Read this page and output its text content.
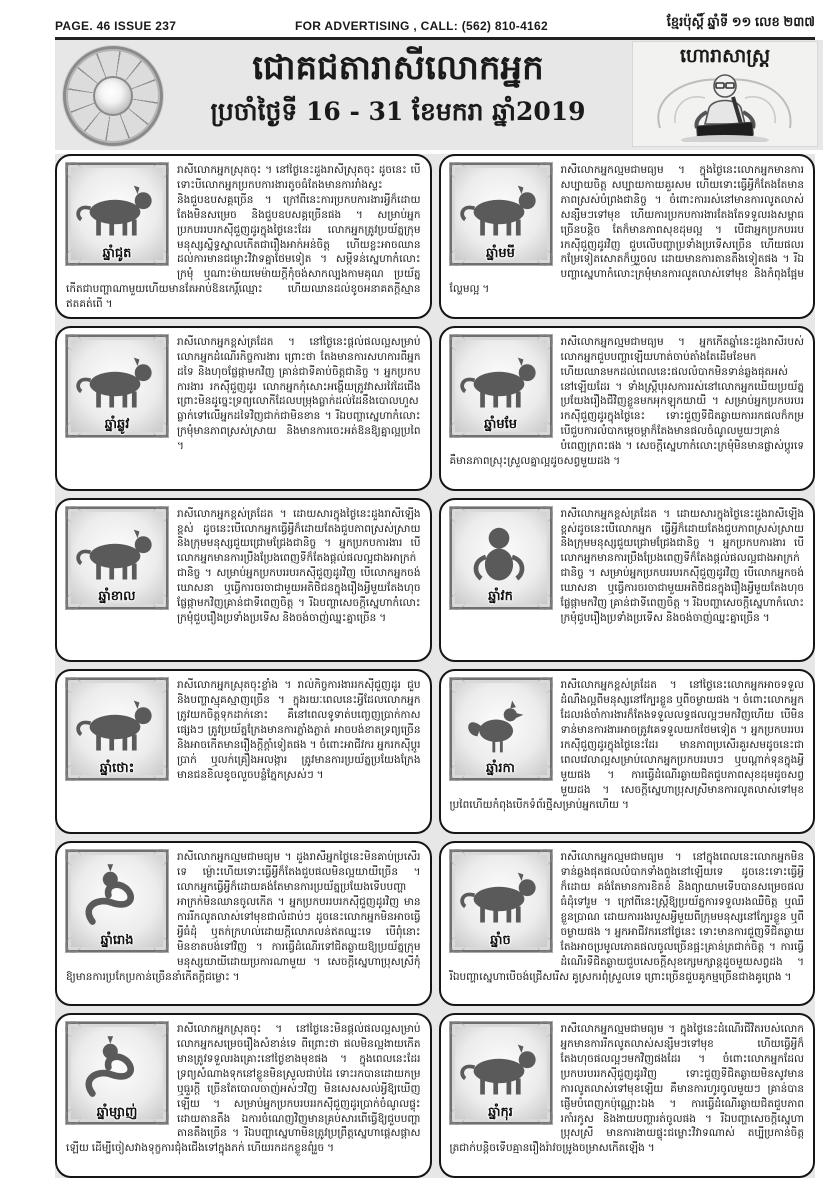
PAGE. 46 ISSUE 237	FOR ADVERTISING , CALL: (562) 810-4162	ខ្មែរប៉ុស្តិ៍ ឆ្នាំទី ១១ លេខ ២៣៧
ជោគជតារាសីលោកអ្នក
ប្រចាំថ្ងៃទី 16 - 31 ខែមករា ឆ្នាំ2019
ហោរាសាស្ត្រ
ឆ្នាំជូត
រាសីលោកអ្នកស្រុតចុះ ។ នៅថ្ងៃនេះដួងរាសីស្រុតចុះ ដូចនេះ បើទោះបីលោកអ្នកប្រកបការងារតូចធំតែងមានការរាំងស្ទះ និងជួបឧបសគ្គច្រើន ។ ក្រៅពីនេះការប្រកបការងារអ្វីក៏ដោយ តែងមិនសម្រេច និងជួបឧបសគ្គច្រើនផង ។ សម្រាប់អ្នកប្រកបររបរកស៊ីជួញដូរក្នុងថ្ងៃនេះដែរ លោកអ្នកត្រូវប្រយ័ត្នក្រុមមនុស្សស្និទ្ធស្នាលកើតជារឿងអាក់អន់ចិត្ត ហើយខ្លះអាចឈានដល់ការមានជម្លោះវិវាទគ្នាថែមទៀត ។ សម្តីទន់ស្នេហាកំលោះក្រមុំ ឬណាះម៉ាយមេម៉ាយក្តីកុំចង់សាកល្បងកាមគុណ ប្រយ័ត្នកើតជាបញ្ហាណាមួយហើយមានតែអាប់ឱនកេរ្តិ៍ឈ្មោះ ហើយឈានដល់ខូចអនាគតក្តីស្មានឥតគត់ពើ ។
ឆ្នាំឆ្លូវ
រាសីលោកអ្នកខ្ពស់ត្រដែត ។ នៅថ្ងៃនេះផ្តល់ផលល្អសម្រាប់លោកអ្នកដំណើរកិច្ចការងារ ព្រោះថា តែងមានការសហការពីអ្នកដទៃ និងហុចផ្លែផ្កាមកវិញ គ្រាន់ជាទីគាប់ចិត្តជានិច្ច ។ អ្នកប្រកបការងារ រកស៊ីជួញដូរ លោកអ្នកកុំសោះអង្ហើយត្រូវវាសរវៃដៃជើង ព្រោះមិនដូច្នេះទ្រព្យលោកីដែលបម្រុងធ្លាក់ដល់ដៃនឹងបោលហួសធ្លាក់ទៅលើអ្នកដទៃវិញជាក់ជាមិនខាន ។ រីឯបញ្ហាស្នេហាកំលោះក្រមុំមានភាពស្រស់ស្រាយ និងមានការចេះអត់ឱនឱ្យគ្នាល្អប្រពៃ ។
ឆ្នាំខាល
រាសីលោកអ្នកខ្ពស់ត្រដែត ។ ដោយសារក្នុងថ្ងៃនេះដួងរាសីឡើងខ្ពស់ ដូចនេះបើលោកអ្នកធ្វើអ្វីក៏ដោយតែងជួបភាពស្រស់ស្រាយ និងក្រុមមនុស្សជួយជ្រោមជ្រែងជានិច្ច ។ អ្នកប្រកបការងារ បើលោកអ្នកមានការប្រឹងប្រែងពេញទីក៏តែងផ្តល់ផលល្អជាងអាក្រក់ជានិច្ច ។ សម្រាប់អ្នកប្រកបររបរកស៊ីជួញដូរវិញ បើលោកអ្នកចង់ឃោសនា ឬធ្វើការចរចាជាមួយអតិថិជនក្នុងរឿងអ្វីមួយតែងហុចផ្លែផ្កាមកវិញគ្រាន់ជាទីពេញចិត្ត ។ រីឯបញ្ហាសេចក្តីស្នេហាកំលោះក្រមុំជួបរឿងប្រទាំងប្រទើស និងចង់ចាញ់ឈ្នះគ្នាច្រើន ។
ឆ្នាំថោះ
រាសីលោកអ្នកស្រុតចុះខ្លាំង ។ រាល់កិច្ចការងាររកស៊ីជួញដូរ ជួបនិងបញ្ហាស្មុគស្មាញច្រើន ។ ក្នុងរយៈពេលនេះអ្វីដែលលោកអ្នកត្រូវយកចិត្តទុកដាក់នោះ គឺនៅពេលទូទាត់បញ្ចេញប្រាក់កាសផ្សេងៗ ត្រូវប្រយ័ត្នក្រែងមានការភ្លាំងភ្លាត់ អាចបង់ខាតទ្រព្យច្រើន និងអាចកើតមានរឿងក្តីក្តាំទៀតផង ។ ចំពោះអាជីវករ អ្នករកស៊ីប្តូរប្រាក់ ឬលក់គ្រឿងអលង្ការ ត្រូវមានការប្រយ័ត្នប្រយែងក្រែងមានជនខិលខូចលួចបន្លំភ្នែកស្រស់ៗ ។
ឆ្នាំរោង
រាសីលោកអ្នកល្មមជាមធ្យម ។ ដួងរាសីអ្នកថ្ងៃនេះមិនគាប់ប្រសើរទេ ម្ល៉ោះហើយទោះធ្វើអ្វីក៏តែងជួបផលមិនល្អយាយីច្រើន ។ លោកអ្នកធ្វើអ្វីក៏ដោយគង់តែមានការប្រយ័ត្នប្រយែងទើបបញ្ហាអាក្រក់មិនឈានចូលកើត ។ អ្នកប្រកបររបរកស៊ីជួញដូរវិញ មានការរីកលូតលាស់ទៅមុខជាលំដាប់ៗ ដូចនេះលោកអ្នកមិនអាចធ្វើអ្វីធំដុំ ឬតក់ក្រហល់ដោយក្តីលោភលន់ឥតឈ្នះទេ បើពុំនោះមិនខាតបង់ទៅវិញ ។ ការធ្វើដំណើរទៅជិតឆ្ងាយឱ្យប្រយ័ត្នក្រុមមនុស្សយាយីដោយប្រការណាមួយ ។ សេចក្តីស្នេហាប្រុសស្រីកុំឱ្យមានការប្រកែប្រកាន់ច្រើននាំកើតក្តីជម្លោះ ។
ឆ្នាំម្សាញ់
រាសីលោកអ្នកស្រុតចុះ ។ នៅថ្ងៃនេះមិនផ្តល់ផលល្អសម្រាប់លោកអ្នកសម្រេចរឿងសំខាន់ទេ ពីព្រោះថា ផលមិនល្អងាយកើតមានត្រូវទទួលរងគ្រោះនៅថ្ងៃខាងមុខផង ។ ក្នុងពេលនេះដែរទ្រព្យសំណាងទុកនៅខ្លួនមិនស្រួលជាប់ដៃ ទោះរកបានដោយកម្រ ឬធួរក្តី ច្រើនតែបោលចាញ់អស់ៗវិញ មិនសេសសល់អ្វីឱ្យឃើញឡើយ ។ សម្រាប់អ្នកប្រកបរបររកស៊ីជួញដូរប្រាក់ចំណូលផ្ទុះដោយតានតឹង ឯការចំណេញវិញមានគ្រប់សារពើធ្វើឱ្យជួបបញ្ហាតានតឹងច្រើន ។ រីឯបញ្ហាស្នេហាមិនត្រូវប្រព្រឹត្តស្នេហាផ្តេសផ្តាសឡើយ ដើម្បីចៀសវាងទុក្ខការជុំងជើងទៅក្នុងភក់ ហើយរកដកខ្លួនពុំរួច ។
ឆ្នាំមមី
រាសីលោកអ្នកល្មមជាមធ្យម ។ ក្នុងថ្ងៃនេះលោកអ្នកមានការសប្បាយចិត្ត សប្បាយកាយគួរសម ហើយទោះធ្វើអ្វីក៏តែងតែមានភាពស្រស់បំព្រងជានិច្ច ។ ចំពោះការរស់នៅមានការលូតលាស់សន្សឹមៗទៅមុខ ហើយការប្រកបការងារតែងតែទទួលរងសម្ពាធច្រើនបន្តិច តែក៏មានភាពសុខដុមល្អ ។ បើជាអ្នកប្រកបររបរកស៊ីជួញដូរវិញ ជួបលើបញ្ហាប្រទាំងប្រទើសច្រើន ហើយផលរកម្រែទៀតសោតក៏ឬរួចល ដោយមានការតានតឹងទៀតផង ។ រីឯបញ្ហាស្នេហាកំលោះក្រមុំមានការលូតលាស់ទៅមុខ និងកំពុងផ្អែមល្ហែមល្អ ។
ឆ្នាំមមែ
រាសីលោកអ្នកល្មមជាមធ្យម ។ អ្នកកើតឆ្នាំនេះដួងរាសីរបស់លោកអ្នកជួបបញ្ហាឡើយហាត់ចាប់តាំងតែដើមខែមក ហើយឈានមកដល់ពេលនេះផលលំបាកមិនទាន់ឆ្លងផុតអស់នៅឡើយដែរ ។ ទាំងស្ត្រីបុរសការរស់នៅលោកអ្នកឃើយប្រយ័ត្នប្រយែងរឿងជីវិញខ្លួនមកអុកឡុកយាយី ។ សម្រាប់អ្នកប្រកបរបររកស៊ីជួញដូរក្នុងថ្ងៃនេះ ទោះជួញទីជិតឆ្ងាយការរកផលក៏កម្រ បើជួបការលំបាកម្តេចម្តាក៏តែងមានផលចំណូលមួយៗគ្រាន់បំពេញក្រពះផង ។ សេចក្តីស្នេហាកំលោះក្រមុំមិនមានផ្លាស់ប្តូរទេ គឺមានភាពស្រុះស្រួលគ្នាល្អដូចសព្វមួយដង ។
ឆ្នាំវក
រាសីលោកអ្នកខ្ពស់ត្រដែត ។ ដោយសារក្នុងថ្ងៃនេះដួងរាសីឡើងខ្ពស់ដូចនេះបើលោកអ្នក ធ្វើអ្វីក៏ដោយតែងជួបភាពស្រស់ស្រាយ និងក្រុមមនុស្សជួយជ្រោមជ្រែងជានិច្ច ។ អ្នកប្រកបការងារ បើលោកអ្នកមានការប្រឹងប្រែងពេញទីក៏តែងផ្តល់ផលល្អជាងអាក្រក់ជានិច្ច ។ សម្រាប់អ្នកប្រកបររបរកស៊ីជួញដូរវិញ បើលោកអ្នកចង់ឃោសនា ឬធ្វើការចរចាជាមួយអតិថិជនក្នុងរឿងអ្វីមួយតែងហុចផ្លែផ្កាមកវិញ គ្រាន់ជាទីពេញចិត្ត ។ រីឯបញ្ហាសេចក្តីស្នេហាកំលោះក្រមុំជួបរឿងប្រទាំងប្រទើស និងចង់ចាញ់ឈ្នះគ្នាច្រើន ។
ឆ្នាំរកា
រាសីលោកអ្នកខ្ពស់ត្រដែត ។ នៅថ្ងៃនេះលោកអ្នកអាចទទួលដំណឹងល្អពីមនុស្សនៅក្បែរខ្លួន ឬពីចម្ងាយផង ។ ចំពោះលោកអ្នកដែលរង់ចាំការងារក៏តែងទទួលលទ្ធផលល្អៗមកវិញហើយ បើមិនទាន់មានការងារអាចត្រូវគេទទួលយកថែមទៀត ។ អ្នកប្រកបររបររកស៊ីជួញដូរក្នុងថ្ងៃនេះដែរ មានភាពប្រសើរគួរសមដូចនេះជាពេលវេលាល្អសម្រាប់លោកអ្នកប្រកបររបរៗ ឬបណ្តាក់ទុនក្នុងអ្វីមួយផង ។ ការធ្វើដំណើរឆ្ងាយជិតជួបភាពសុខដុមដូចសព្វមួយដង ។ សេចក្តីស្នេហាប្រុសស្រីមានការលូតលាស់ទៅមុខប្រពៃហើយកំពុងបើកទំព័រថ្មីសម្រាប់អ្នកហើយ ។
ឆ្នាំច
រាសីលោកអ្នកល្មមជាមធ្យម ។ នៅក្នុងពេលនេះលោកអ្នកមិនទាន់ឆ្លងផុតផលលំបាកទាំងពួងនៅឡើយទេ ដូចនេះទោះធ្វើអ្វីក៏ដោយ គង់តែមានការខិតខំ និងព្យាយាមទើបបានសម្រេចផលធំដុំទៅរួម ។ ក្រៅពីនេះស្ត្រីឱ្យប្រយ័ត្នការទទួលរងឈឺចិត្ត ឬឈឺខ្លួនប្រាណ ដោយការរងរបួសអ្វីមួយពីក្រុមមនុស្សនៅក្បែរខ្លួន ឬពីចម្ងាយផង ។ អ្នកអាជីវករនៅថ្ងៃនេះ ទោះមានការជួញទីជិតឆ្ងាយ តែងអាចប្រមូលភោគផលចូលច្រើនផ្អះគ្រាន់ត្រជាក់ចិត្ត ។ ការធ្វើដំណើរទីជិតឆ្ងាយជួបសេចក្តីសុខក្សេមក្សាន្តដូចមួយសព្វដង ។ រីឯបញ្ហាស្នេហាបើចង់ជ្រើសរើស គូស្រករពុំស្រួលទេ ព្រោះច្រើនជួបគូកម្មច្រើនជាងគូព្រេង ។
ឆ្នាំកុរ
រាសីលោកអ្នកល្មមជាមធ្យម ។ ក្នុងថ្ងៃនេះដំណើរជីវិតរបស់លោកអ្នកមានការរីកលូតលាស់សន្សឹមៗទៅមុខ ហើយធ្វើអ្វីក៏តែងហុចផលល្អៗមកវិញផងដែរ ។ ចំពោះលោកអ្នកដែលប្រកបរបររកស៊ីជួញដូរវិញ ទោះជួញទីជិតឆ្ងាយមិនសូវមានការលូតលាស់ទៅមុខឡើយ គឺមានការហូរចូលមួយៗ គ្រាន់បានផ្ញើមបំពេញកប៉ុណ្ណោះឯង ។ ការធ្វើដំណើរឆ្ងាយជិតជួបភាពរកាំរកូស និងងាយបញ្ហារត់ចូលផង ។ រីឯបញ្ហាសេចក្តីស្នេហាប្រុសស្រី មានការងាយផ្ទុះជម្លោះវិវាទណាស់ តប្បីប្រកាន់ចិត្តត្រជាក់បន្តិចទើបគ្មានរឿងរ៉ាវចម្រូងចម្រាសកើតឡើង ។
